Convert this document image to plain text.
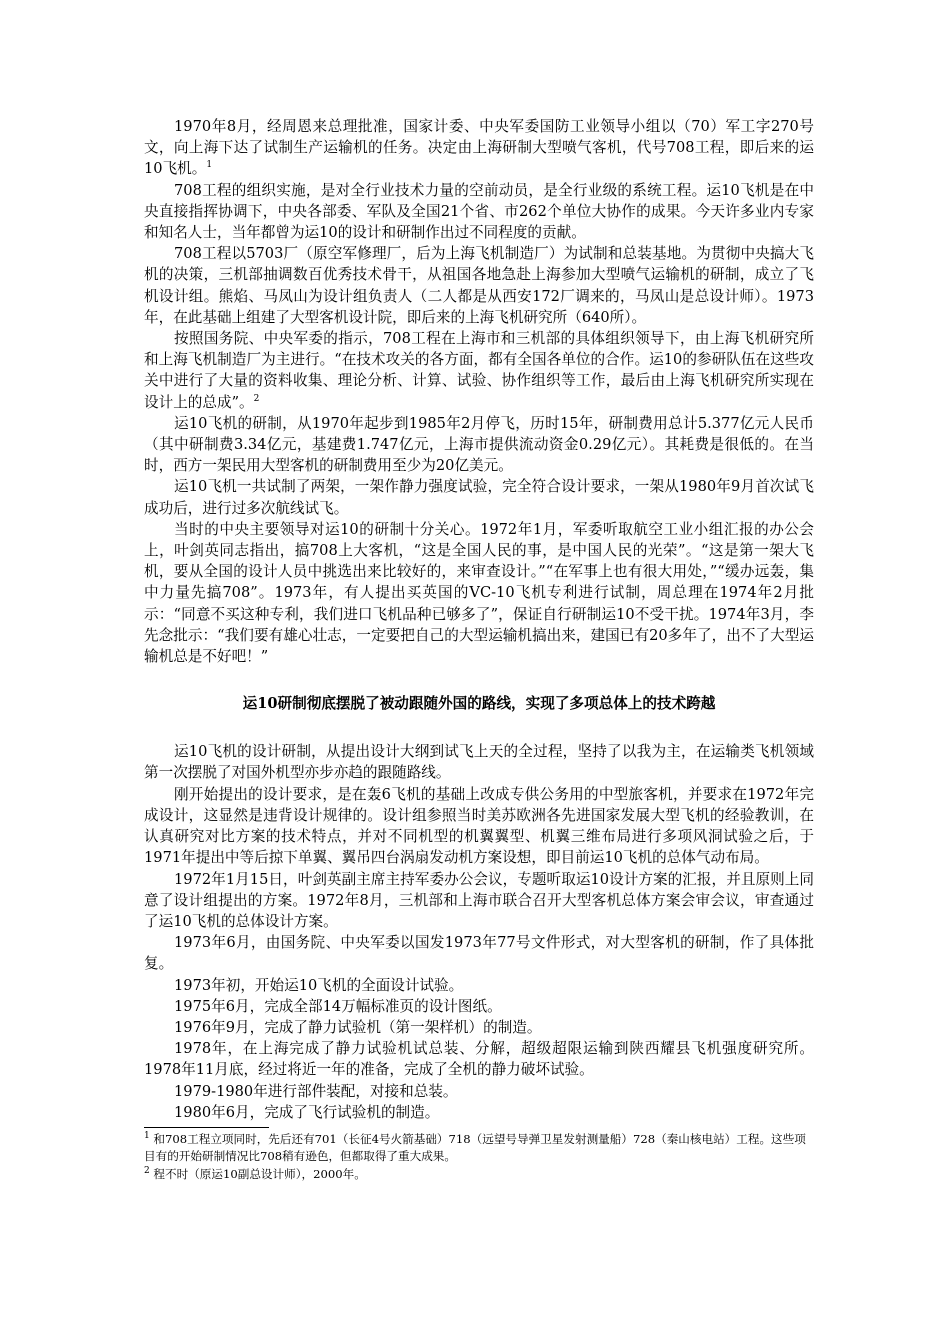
1970年8月，经周恩来总理批准，国家计委、中央军委国防工业领导小组以（70）军工字270号文，向上海下达了试制生产运输机的任务。决定由上海研制大型喷气客机，代号708工程，即后来的运10飞机。$^1$

708工程的组织实施，是对全行业技术力量的空前动员，是全行业级的系统工程。运10飞机是在中央直接指挥协调下，中央各部委、军队及全国21个省、市262个单位大协作的成果。今天许多业内专家和知名人士，当年都曾为运10的设计和研制作出过不同程度的贡献。

708工程以5703厂（原空军修理厂，后为上海飞机制造厂）为试制和总装基地。为贯彻中央搞大飞机的决策，三机部抽调数百优秀技术骨干，从祖国各地急赴上海参加大型喷气运输机的研制，成立了飞机设计组。熊焰、马凤山为设计组负责人（二人都是从西安172厂调来的，马凤山是总设计师）。1973年，在此基础上组建了大型客机设计院，即后来的上海飞机研究所（640所）。

按照国务院、中央军委的指示，708工程在上海市和三机部的具体组织领导下，由上海飞机研究所和上海飞机制造厂为主进行。“在技术攻关的各方面，都有全国各单位的合作。运10的参研队伍在这些攻关中进行了大量的资料收集、理论分析、计算、试验、协作组织等工作，最后由上海飞机研究所实现在设计上的总成”。$^2$

运10飞机的研制，从1970年起步到1985年2月停飞，历时15年，研制费用总计5.377亿元人民币（其中研制费3.34亿元，基建费1.747亿元，上海市提供流动资金0.29亿元）。其耗费是很低的。在当时，西方一架民用大型客机的研制费用至少为20亿美元。

运10飞机一共试制了两架，一架作静力强度试验，完全符合设计要求，一架从1980年9月首次试飞成功后，进行过多次航线试飞。

当时的中央主要领导对运10的研制十分关心。1972年1月，军委听取航空工业小组汇报的办公会上，叶剑英同志指出，搞708上大客机，“这是全国人民的事，是中国人民的光荣”。“这是第一架大飞机，要从全国的设计人员中挑选出来比较好的，来审查设计。”“在军事上也有很大用处，”“缓办远轰，集中力量先搞708”。1973年，有人提出买英国的VC-10飞机专利进行试制，周总理在1974年2月批示：“同意不买这种专利，我们进口飞机品种已够多了”，保证自行研制运10不受干扰。1974年3月，李先念批示：“我们要有雄心壮志，一定要把自己的大型运输机搞出来，建国已有20多年了，出不了大型运输机总是不好吧！”

运10研制彻底摆脱了被动跟随外国的路线，实现了多项总体上的技术跨越

运10飞机的设计研制，从提出设计大纲到试飞上天的全过程，坚持了以我为主，在运输类飞机领域第一次摆脱了对国外机型亦步亦趋的跟随路线。

刚开始提出的设计要求，是在轰6飞机的基础上改成专供公务用的中型旅客机，并要求在1972年完成设计，这显然是违背设计规律的。设计组参照当时美苏欧洲各先进国家发展大型飞机的经验教训，在认真研究对比方案的技术特点，并对不同机型的机翼翼型、机翼三维布局进行多项风洞试验之后，于1971年提出中等后掠下单翼、翼吊四台涡扇发动机方案设想，即目前运10飞机的总体气动布局。

1972年1月15日，叶剑英副主席主持军委办公会议，专题听取运10设计方案的汇报，并且原则上同意了设计组提出的方案。1972年8月，三机部和上海市联合召开大型客机总体方案会审会议，审查通过了运10飞机的总体设计方案。

1973年6月，由国务院、中央军委以国发1973年77号文件形式，对大型客机的研制，作了具体批复。

1973年初，开始运10飞机的全面设计试验。

1975年6月，完成全部14万幅标准页的设计图纸。

1976年9月，完成了静力试验机（第一架样机）的制造。

1978年，在上海完成了静力试验机试总装、分解，超级超限运输到陕西耀县飞机强度研究所。1978年11月底，经过将近一年的准备，完成了全机的静力破坏试验。

1979-1980年进行部件装配，对接和总装。

1980年6月，完成了飞行试验机的制造。

$^1$ 和708工程立项同时，先后还有701（长征4号火箭基础）718（远望号导弹卫星发射测量船）728（秦山核电站）工程。这些项目有的开始研制情况比708稍有逊色，但都取得了重大成果。

$^2$ 程不时（原运10副总设计师），2000年。
